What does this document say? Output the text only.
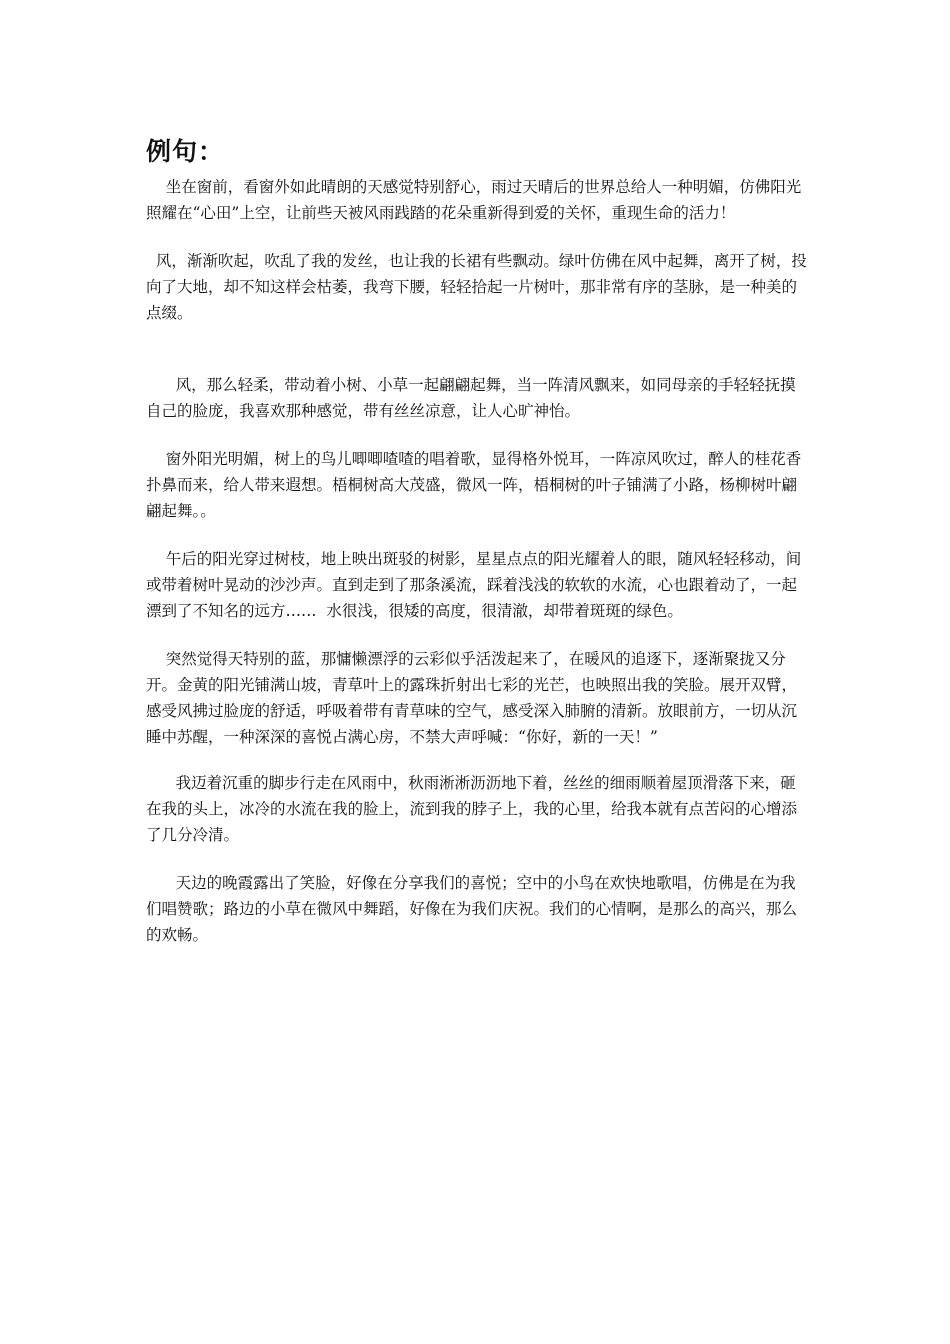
例句：

坐在窗前，看窗外如此晴朗的天感觉特别舒心，雨过天晴后的世界总给人一种明媚，仿佛阳光照耀在“心田”上空，让前些天被风雨践踏的花朵重新得到爱的关怀，重现生命的活力！

风，渐渐吹起，吹乱了我的发丝，也让我的长裙有些飘动。绿叶仿佛在风中起舞，离开了树，投向了大地，却不知这样会枯萎，我弯下腰，轻轻拾起一片树叶，那非常有序的茎脉，是一种美的点缀。

风，那么轻柔，带动着小树、小草一起翩翩起舞，当一阵清风飘来，如同母亲的手轻轻抚摸自己的脸庞，我喜欢那种感觉，带有丝丝凉意，让人心旷神怡。

窗外阳光明媚，树上的鸟儿唧唧喳喳的唱着歌，显得格外悦耳，一阵凉风吹过，醉人的桂花香扑鼻而来，给人带来遐想。梧桐树高大茂盛，微风一阵，梧桐树的叶子铺满了小路，杨柳树叶翩翩起舞。。

午后的阳光穿过树枝，地上映出斑驳的树影，星星点点的阳光耀着人的眼，随风轻轻移动，间或带着树叶晃动的沙沙声。直到走到了那条溪流，踩着浅浅的软软的水流，心也跟着动了，一起漂到了不知名的远方……  水很浅，很矮的高度，很清澈，却带着斑斑的绿色。

突然觉得天特别的蓝，那慵懒漂浮的云彩似乎活泼起来了，在暖风的追逐下，逐渐聚拢又分开。金黄的阳光铺满山坡，青草叶上的露珠折射出七彩的光芒，也映照出我的笑脸。展开双臂，感受风拂过脸庞的舒适，呼吸着带有青草味的空气，感受深入肺腑的清新。放眼前方，一切从沉睡中苏醒，一种深深的喜悦占满心房，不禁大声呼喊：“你好，新的一天！”

我迈着沉重的脚步行走在风雨中，秋雨淅淅沥沥地下着，丝丝的细雨顺着屋顶滑落下来，砸在我的头上，冰冷的水流在我的脸上，流到我的脖子上，我的心里，给我本就有点苦闷的心增添了几分冷清。

天边的晚霞露出了笑脸，好像在分享我们的喜悦；空中的小鸟在欢快地歌唱，仿佛是在为我们唱赞歌；路边的小草在微风中舞蹈，好像在为我们庆祝。我们的心情啊，是那么的高兴，那么的欢畅。
